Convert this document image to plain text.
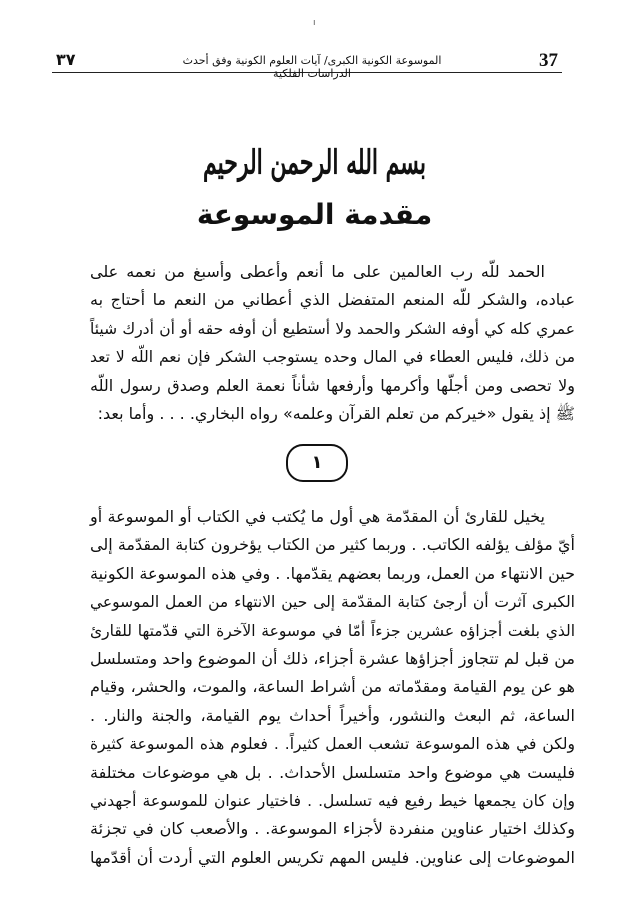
ı
٣٧	الموسوعة الكونية الكبرى/ آيات العلوم الكونية وفق أحدث الدراسات الفلكية
37
بسم الله الرحمن الرحيم
مقدمة الموسوعة
الحمد للّه رب العالمين على ما أنعم وأعطى وأسبغ من نعمه على
عباده، والشكر للّه المنعم المتفضل الذي أعطاني من النعم ما أحتاج به
عمري كله كي أوفه الشكر والحمد ولا أستطيع أن أوفه حقه أو أن أدرك شيئاً
من ذلك، فليس العطاء في المال وحده يستوجب الشكر فإن نعم اللّه لا تعد
ولا تحصى ومن أجلّها وأكرمها وأرفعها شأناً نعمة العلم وصدق رسول اللّه
ﷺ إذ يقول «خيركم من تعلم القرآن وعلمه» رواه البخاري. . . . وأما بعد:
١
يخيل للقارئ أن المقدّمة هي أول ما يُكتب في الكتاب أو الموسوعة أو
أيّ مؤلف يؤلفه الكاتب. . وربما كثير من الكتاب يؤخرون كتابة المقدّمة إلى
حين الانتهاء من العمل، وربما بعضهم يقدّمها. . وفي هذه الموسوعة الكونية
الكبرى آثرت أن أرجئ كتابة المقدّمة إلى حين الانتهاء من العمل الموسوعي
الذي بلغت أجزاؤه عشرين جزءاً أمّا في موسوعة الآخرة التي قدّمتها للقارئ
من قبل لم تتجاوز أجزاؤها عشرة أجزاء، ذلك أن الموضوع واحد ومتسلسل
هو عن يوم القيامة ومقدّماته من أشراط الساعة، والموت، والحشر، وقيام
الساعة، ثم البعث والنشور، وأخيراً أحداث يوم القيامة، والجنة والنار. .
ولكن في هذه الموسوعة تشعب العمل كثيراً. . فعلوم هذه الموسوعة كثيرة
فليست هي موضوع واحد متسلسل الأحداث. . بل هي موضوعات مختلفة
وإن كان يجمعها خيط رفيع فيه تسلسل. . فاختيار عنوان للموسوعة أجهدني
وكذلك اختيار عناوين منفردة لأجزاء الموسوعة. . والأصعب كان في تجزئة
الموضوعات إلى عناوين. فليس المهم تكريس العلوم التي أردت أن أقدّمها
